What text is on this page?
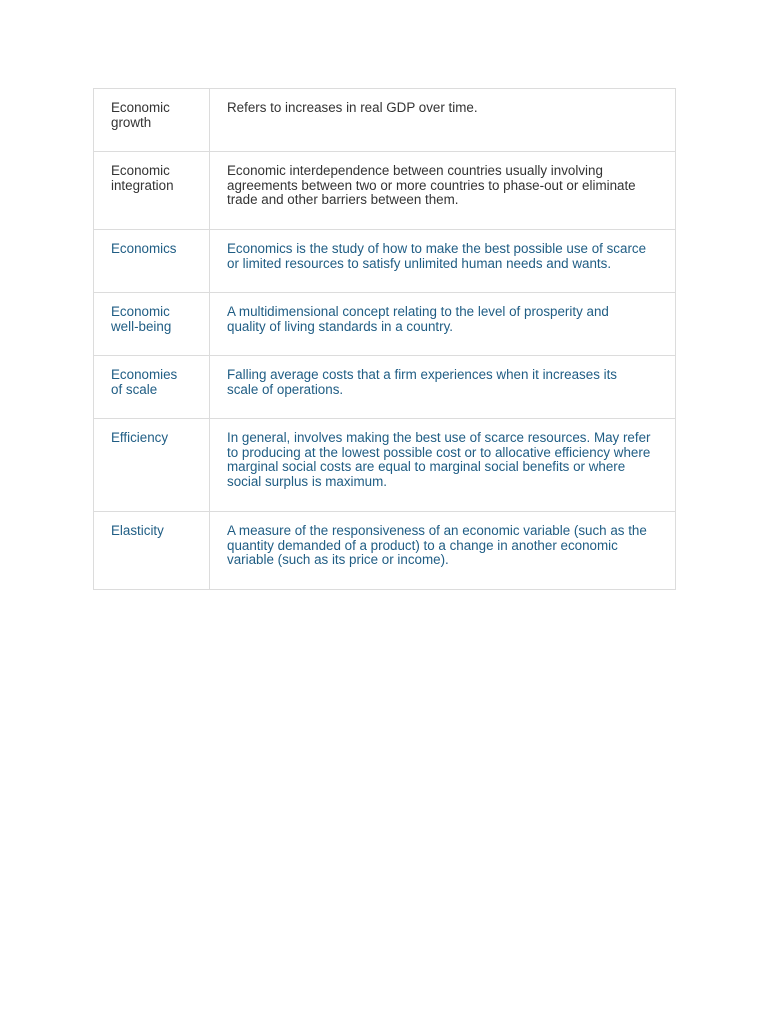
Economic
growth	Refers to increases in real GDP over time.
Economic
integration	Economic interdependence between countries usually involving
agreements between two or more countries to phase-out or eliminate
trade and other barriers between them.
Economics	Economics is the study of how to make the best possible use of scarce
or limited resources to satisfy unlimited human needs and wants.
Economic
well-being	A multidimensional concept relating to the level of prosperity and
quality of living standards in a country.
Economies
of scale	Falling average costs that a firm experiences when it increases its
scale of operations.
Efficiency	In general, involves making the best use of scarce resources. May refer
to producing at the lowest possible cost or to allocative efficiency where
marginal social costs are equal to marginal social benefits or where
social surplus is maximum.
Elasticity	A measure of the responsiveness of an economic variable (such as the
quantity demanded of a product) to a change in another economic
variable (such as its price or income).
